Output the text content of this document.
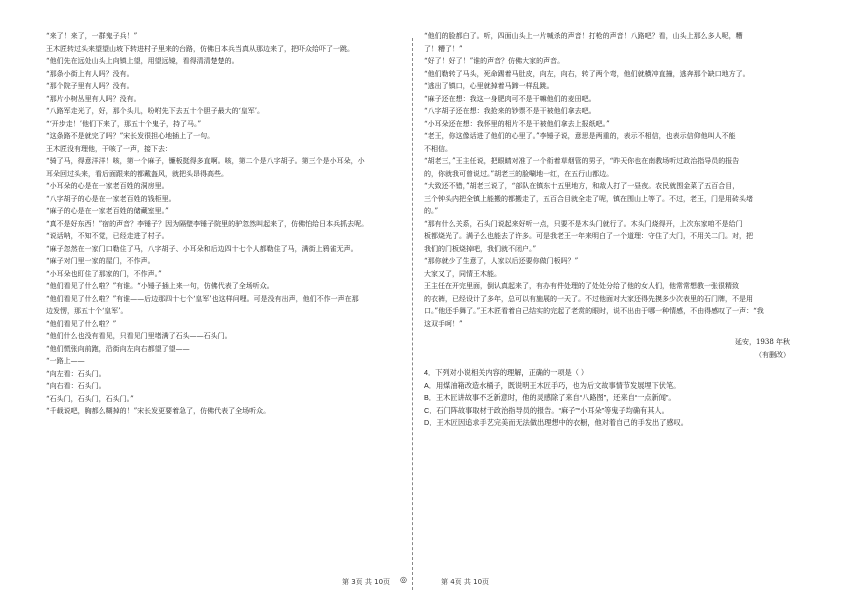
“来了！来了，一群鬼子兵！”
王木匠转过头来望望山坡下转进村子里来的台路，仿佛日本兵当真从那边来了，把吓众给吓了一跳。
“他们先在远处山头上向镇上望，用望远镜，看得清清楚楚的。
“那条小街上有人吗？没有。
“那个院子里有人吗？没有。
“那片小树丛里有人吗？没有。
“八路军走光了，好，那个头儿，吩咐先下去五十个胆子最大的‘皇军’。
“‘开步走！’他们下来了，那五十个鬼子，持了马。”
“这条路不是就完了吗？”宋长发很担心地插上了一句。
王木匠没有理他，干咳了一声，接下去：
“骑了马，得意洋洋！咳，第一个麻子，镰板挺得多直啊。咳，第二个是八字胡子。第三个是小耳朵，小
耳朵回过头来，看后面跟来的都戴盔风，就把头昂得高些。
“小耳朵的心是在一家老百姓的洞房里。
“八字胡子的心是在一家老百姓的钱柜里。
“麻子的心是在一家老百姓的储藏室里。”
“真不是好东西！”宿的声音？李锤子？因为隔壁李锤子院里的驴忽然叫起来了，仿佛怕给日本兵抓去呢。
“说话呐，不知不觉，已经走进了村子。
“麻子忽然在一家门口勒住了马，八字胡子、小耳朵和后边四十七个人都勒住了马，满街上鸦雀无声。
“麻子对门里一家的屋门，不作声。
“小耳朵也盯住了那家的门，不作声。”
“他们看见了什么啦？”有谁。“小锤子插上来一句，仿佛代表了全场听众。
“他们看见了什么啦？”有谁——后边那四十七个‘皇军’也这样问哩。可是没有出声，他们不作一声在那
边发愣，那五十个‘皇军’。
“他们看见了什么啦？”
“他们什么也没有看见，只看见门里堵满了石头——石头门。
“他们慌张向前跑，沿街向左向右都望了望——
“一路上——
“向左看：石头门。
“向右看：石头门。
“石头门，石头门，石头门。”
“千载说吧，胸都么糊掉的！”宋长发更要着急了，仿佛代表了全场听众。
“他们的脸都白了。听，四面山头上一片喊杀的声音！打枪的声音！八路吧？看，山头上那么多人呢，糟
了！糟了！”
“好了！好了！”谁的声音？仿佛大家的声音。
“他们勒转了马头，死命踢着马肚皮，向左，向右，转了两个弯，他们就横冲直撞，逃奔那个缺口地方了。
“逃出了镇口，心里就掉着马蹄一样乱跳。
“麻子还在想：我这一身肥肉可不是干嘛他们的麦田吧。
“八字胡子还在想：我抢来的钞票不是干被他们拿去吧。
“小耳朵还在想：我怀里的相片不是干被他们拿去上报纸吧。”
“老王，你这像话进了他们的心里了。”李锤子说，意思是两重的，表示不相信，也表示信仰他叫人不能
不相信。
“胡老三，”王主任说，把眼睛对准了一个衔着草烟管的男子，“昨天你也在南教场听过政治指导员的报告
的，你就我可曾说过。”胡老三的脸唰地一红，在五行山都边。
“大致还不错，”胡老三说了，“部队在镇东十五里地方，和敌人打了一昼夜。农民就围金菜了五百合目，
三个钟头内把全镇上能搬的都搬走了，五百合目就全走了呢，镇在围山上等了。不过，老王，门是用砖头堵
的。”
“那有什么关系，石头门说起来好听一点，只要不是木头门就行了。木头门烧得开，上次东家咱不是给门
板都烧光了。满子么也能去了许多。可是我老王一年来明白了一个道理：守住了大门，不用关二门。对，把
我们的门板烧掉吧，我们就不闭户。”
“那你就少了生意了，人家以后还要你做门板吗？”
大家又了，同情王木能。
王主任在开完里面，倒认真起来了，有办有件处理的了处处分给了他的女人们，他常常想教一张很精致
的衣裤，已经设计了多年，总可以有施展的一天了。不过他面对大家还得先摸多少次表里的石门牌，不是用
口。”他还手舞了。”王木匠看着自己结实的完起了老赏的眼时，说不出由于哪一种情感，不由得感叹了一声：“我
这双手呵！”
延安，1938 年秋
（有删改）
4．下列对小说相关内容的理解，正确的一项是（ ）
A．用煤油箱改造水桶子，既说明王木匠手巧，也为后文故事情节发展埋下伏笔。
B．王木匠讲故事不乏新意时，他的灵感除了来自“八路图”，还来自“一点新闻”。
C．石门阵故事取材于政治指导员的报告。“麻子”“小耳朵”等鬼子均确有其人。
D．王木匠因追求手艺完美而无法做出理想中的衣橱，他对着自己的手发出了感叹。
第 3页 共 10页 ◎	第 4页 共 10页
